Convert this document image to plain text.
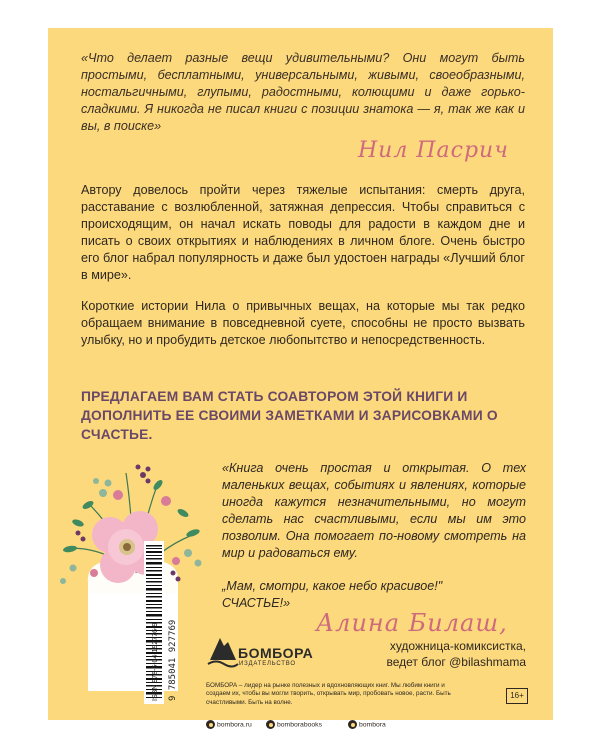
«Что делает разные вещи удивительными? Они могут быть простыми, бесплатными, универсальными, живыми, своеобразными, ностальгичными, глупыми, радостными, колющими и даже горько-сладкими. Я никогда не писал книги с позиции знатока — я, так же как и вы, в поиске»

Нил Пасрич

Автору довелось пройти через тяжелые испытания: смерть друга, расставание с возлюбленной, затяжная депрессия. Чтобы справиться с происходящим, он начал искать поводы для радости в каждом дне и писать о своих открытиях и наблюдениях в личном блоге. Очень быстро его блог набрал популярность и даже был удостоен награды «Лучший блог в мире».

Короткие истории Нила о привычных вещах, на которые мы так редко обращаем внимание в повседневной суете, способны не просто вызвать улыбку, но и пробудить детское любопытство и непосредственность.

ПРЕДЛАГАЕМ ВАМ СТАТЬ СОАВТОРОМ ЭТОЙ КНИГИ И ДОПОЛНИТЬ ЕЕ СВОИМИ ЗАМЕТКАМИ И ЗАРИСОВКАМИ О СЧАСТЬЕ.

«Книга очень простая и открытая. О тех маленьких вещах, событиях и явлениях, которые иногда кажутся незначительными, но могут сделать нас счастливыми, если мы им это позволим. Она помогает по-новому смотреть на мир и радоваться ему.

„Мам, смотри, какое небо красивое!"
СЧАСТЬЕ!»
Алина Билаш,
художница-комиксистка,
ведет блог @bilashmama
ISBN 978-5-04-192776-9 9 785041 927769	БОМБОРА
ИЗДАТЕЛЬСТВО

БОМБОРА – лидер на рынке полезных и вдохновляющих книг. Мы любим книги и создаем их, чтобы вы могли творить, открывать мир, пробовать новое, расти. Быть счастливыми. Быть на волне.

bombora.ru	bomborabooks	bombora
16+
